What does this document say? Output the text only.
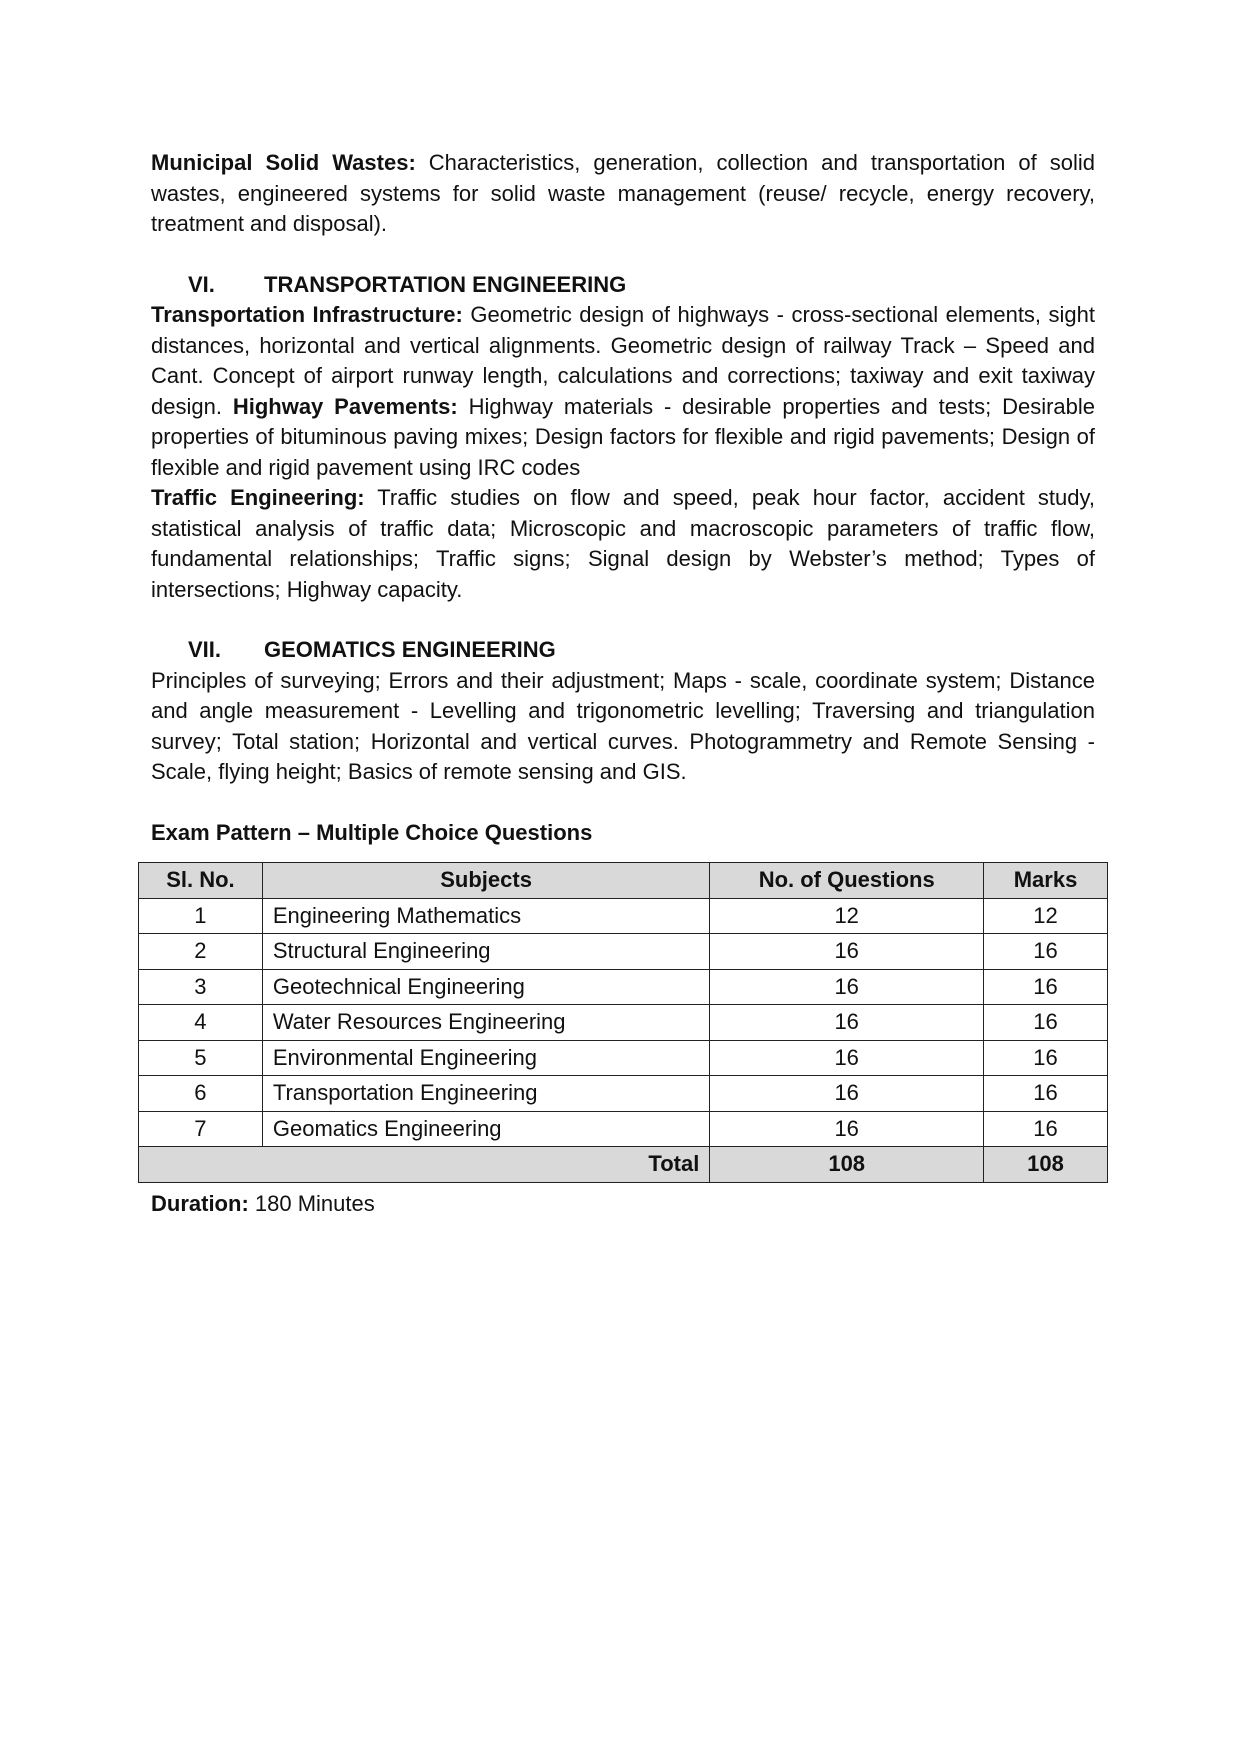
Municipal Solid Wastes: Characteristics, generation, collection and transportation of solid wastes, engineered systems for solid waste management (reuse/ recycle, energy recovery, treatment and disposal).

VI.	TRANSPORTATION ENGINEERING

Transportation Infrastructure: Geometric design of highways - cross-sectional elements, sight distances, horizontal and vertical alignments. Geometric design of railway Track – Speed and Cant. Concept of airport runway length, calculations and corrections; taxiway and exit taxiway design. Highway Pavements: Highway materials - desirable properties and tests; Desirable properties of bituminous paving mixes; Design factors for flexible and rigid pavements; Design of flexible and rigid pavement using IRC codes

Traffic Engineering: Traffic studies on flow and speed, peak hour factor, accident study, statistical analysis of traffic data; Microscopic and macroscopic parameters of traffic flow, fundamental relationships; Traffic signs; Signal design by Webster’s method; Types of intersections; Highway capacity.

VII.	GEOMATICS ENGINEERING

Principles of surveying; Errors and their adjustment; Maps - scale, coordinate system; Distance and angle measurement - Levelling and trigonometric levelling; Traversing and triangulation survey; Total station; Horizontal and vertical curves. Photogrammetry and Remote Sensing - Scale, flying height; Basics of remote sensing and GIS.

Exam Pattern – Multiple Choice Questions

Sl. No.	Subjects	No. of Questions	Marks
1	Engineering Mathematics	12	12
2	Structural Engineering	16	16
3	Geotechnical Engineering	16	16
4	Water Resources Engineering	16	16
5	Environmental Engineering	16	16
6	Transportation Engineering	16	16
7	Geomatics Engineering	16	16
Total		108	108
Duration: 180 Minutes
